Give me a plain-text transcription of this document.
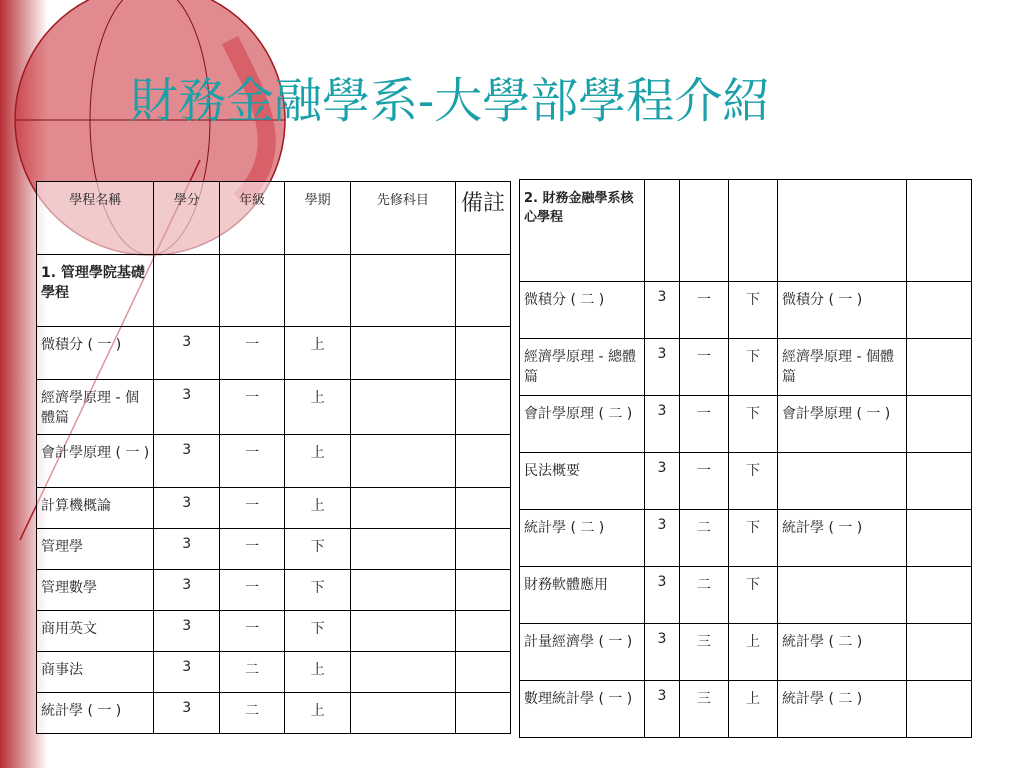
財務金融學系-大學部學程介紹
學程名稱	學分	年級	學期	先修科目	備註
1. 管理學院基礎學程					
微積分 ( 一 )	3	一	上		
經濟學原理 - 個體篇	3	一	上		
會計學原理 ( 一 )	3	一	上		
計算機概論	3	一	上		
管理學	3	一	下		
管理數學	3	一	下		
商用英文	3	一	下		
商事法	3	二	上		
統計學 ( 一 )	3	二	上		
2. 財務金融學系核心學程					
微積分 ( 二 )	3	一	下	微積分 ( 一 )	
經濟學原理 - 總體篇	3	一	下	經濟學原理 - 個體篇	
會計學原理 ( 二 )	3	一	下	會計學原理 ( 一 )	
民法概要	3	一	下		
統計學 ( 二 )	3	二	下	統計學 ( 一 )	
財務軟體應用	3	二	下		
計量經濟學 ( 一 )	3	三	上	統計學 ( 二 )	
數理統計學 ( 一 )	3	三	上	統計學 ( 二 )	
